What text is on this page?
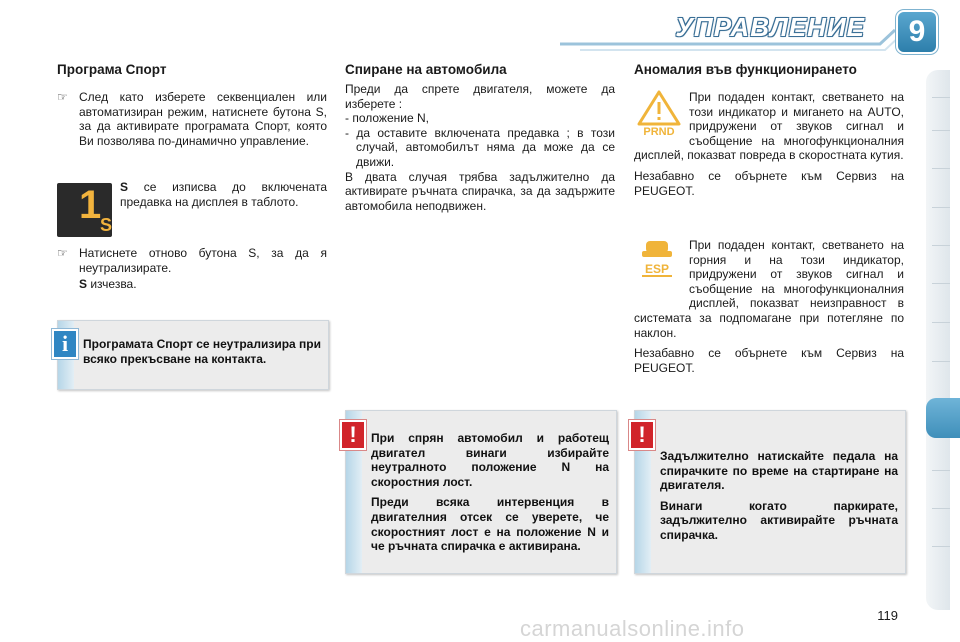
УПРАВЛЕНИЕ	9
Програма Спорт
☞ След като изберете секвенциален или автоматизиран режим, натиснете бутона S, за да активирате програмата Спорт, която Ви позволява по-динамично управление.

1
S

S се изписва до включената предавка на дисплея в таблото.

☞ Натиснете отново бутона S, за да я неутрализирате.

S изчезва.

Програмата Спорт се неутрализира при всяко прекъсване на контакта.
i
Спиране на автомобила

Преди да спрете двигателя, можете да изберете :

- положение N,

- да оставите включената предавка ; в този случай, автомобилът няма да може да се движи.

В двата случая трябва задължително да активирате ръчната спирачка, за да задържите автомобила неподвижен.

При спрян автомобил и работещ двигател винаги избирайте неутралното положение N на скоростния лост.

Преди всяка интервенция в двигателния отсек се уверете, че скоростният лост е на положение N и че ръчната спирачка е активирана.

!
Аномалия във функционирането
PRND

При подаден контакт, светването на този индикатор и мигането на AUTO, придружени от звуков сигнал и съобщение на многофункционалния дисплей, показват повреда в скоростната кутия.

Незабавно се обърнете към Сервиз на PEUGEOT.

ESP

При подаден контакт, светването на горния и на този индикатор, придружени от звуков сигнал и съобщение на многофункционалния дисплей, показват неизправност в системата за подпомагане при потегляне по наклон.

Незабавно се обърнете към Сервиз на PEUGEOT.

Задължително натискайте педала на спирачките по време на стартиране на двигателя.

Винаги когато паркирате, задължително активирайте ръчната спирачка.

!
119
carmanualsonline.info
